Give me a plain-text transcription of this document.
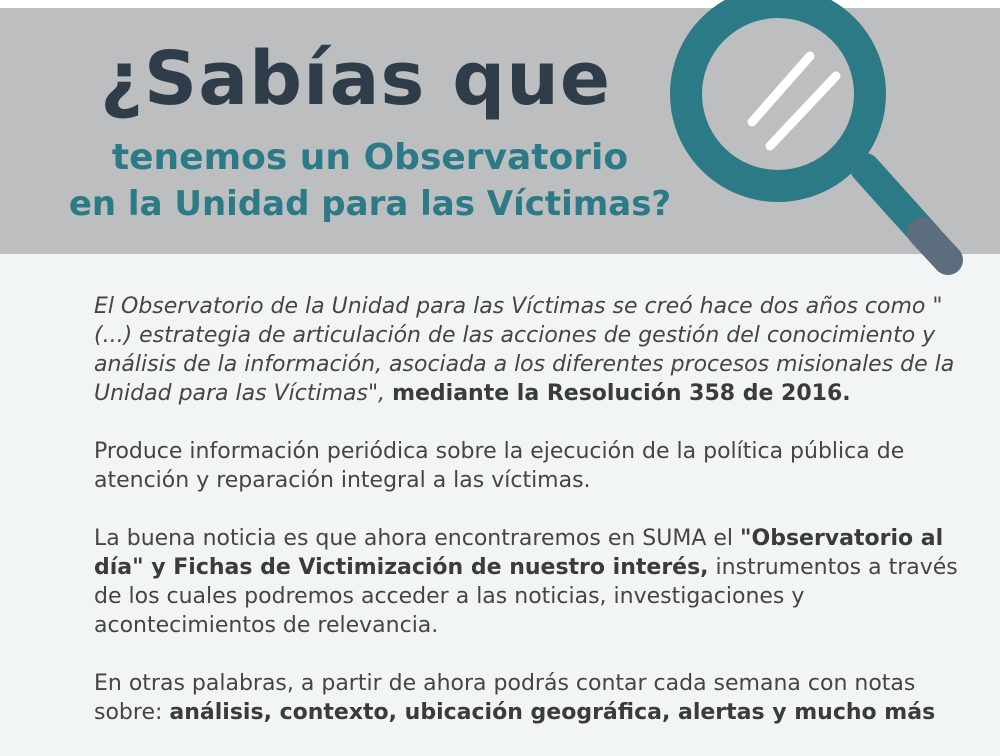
¿Sabías que
tenemos un Observatorio
en la Unidad para las Víctimas?

El Observatorio de la Unidad para las Víctimas se creó hace dos años como "(...) estrategia de articulación de las acciones de gestión del conocimiento y análisis de la información, asociada a los diferentes procesos misionales de la Unidad para las Víctimas", mediante la Resolución 358 de 2016.

Produce información periódica sobre la ejecución de la política pública de atención y reparación integral a las víctimas.

La buena noticia es que ahora encontraremos en SUMA el "Observatorio al día" y Fichas de Victimización de nuestro interés, instrumentos a través de los cuales podremos acceder a las noticias, investigaciones y acontecimientos de relevancia.

En otras palabras, a partir de ahora podrás contar cada semana con notas sobre: análisis, contexto, ubicación geográfica, alertas y mucho más
